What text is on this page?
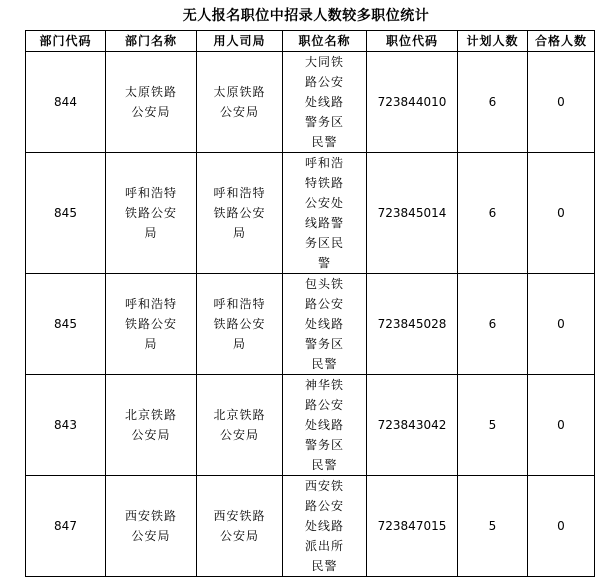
无人报名职位中招录人数较多职位统计
部门代码	部门名称	用人司局	职位名称	职位代码	计划人数	合格人数
844	太原铁路公安局	太原铁路公安局	大同铁路公安处线路警务区民警	723844010	6	0
845	呼和浩特铁路公安局	呼和浩特铁路公安局	呼和浩特铁路公安处线路警务区民警	723845014	6	0
845	呼和浩特铁路公安局	呼和浩特铁路公安局	包头铁路公安处线路警务区民警	723845028	6	0
843	北京铁路公安局	北京铁路公安局	神华铁路公安处线路警务区民警	723843042	5	0
847	西安铁路公安局	西安铁路公安局	西安铁路公安处线路派出所民警	723847015	5	0
